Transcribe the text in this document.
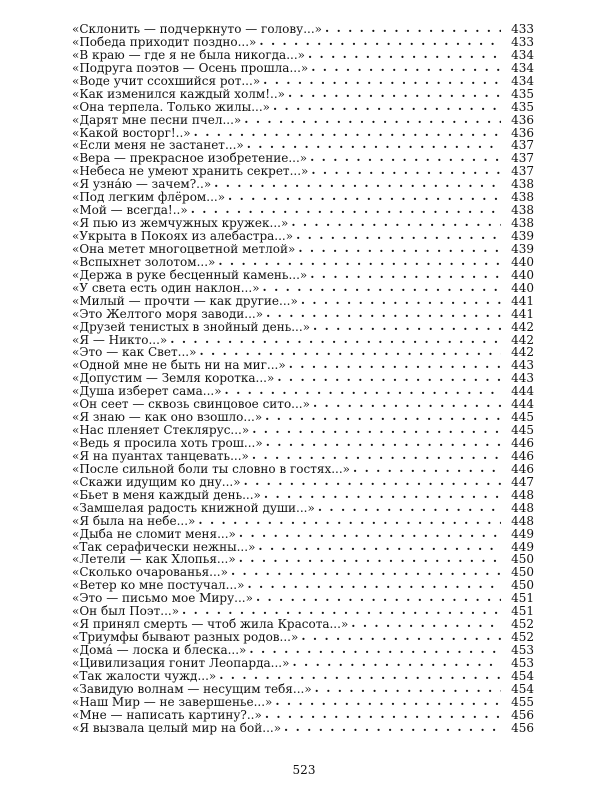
«Склонить — подчеркнуто — голову...» . . .	433
«Победа приходит поздно...» . . .	433
«В краю — где я не была никогда...» . . .	434
«Подруга поэтов — Осень прошла...» . . .	434
«Воде учит ссохшийся рот...» . . .	434
«Как изменился каждый холм!..» . . .	435
«Она терпела. Только жилы...» . . .	435
«Дарят мне песни пчел...» . . .	436
«Какой восторг!..» . . .	436
«Если меня не застанет...» . . .	437
«Вера — прекрасное изобретение...» . . .	437
«Небеса не умеют хранить секрет...» . . .	437
«Я узнáю — зачем?..» . . .	438
«Под легким флёром...» . . .	438
«Мой — всегда!..» . . .	438
«Я пью из жемчужных кружек...» . . .	438
«Укрыта в Покоях из алебастра...» . . .	439
«Она метет многоцветной метлой» . . .	439
«Вспыхнет золотом...» . . .	440
«Держа в руке бесценный камень...» . . .	440
«У света есть один наклон...» . . .	440
«Милый — прочти — как другие...» . . .	441
«Это Желтого моря заводи...» . . .	441
«Друзей тенистых в знойный день...» . . .	442
«Я — Никто...» . . .	442
«Это — как Свет...» . . .	442
«Одной мне не быть ни на миг...» . . .	443
«Допустим — Земля коротка...» . . .	443
«Душа изберет сама...» . . .	444
«Он сеет — сквозь свинцовое сито...» . . .	444
«Я знаю — как оно взошло...» . . .	445
«Нас пленяет Стеклярус...» . . .	445
«Ведь я просила хоть грош...» . . .	446
«Я на пуантах танцевать...» . . .	446
«После сильной боли ты словно в гостях...» . . .	446
«Скажи идущим ко дну...» . . .	447
«Бьет в меня каждый день...» . . .	448
«Замшелая радость книжной души...» . . .	448
«Я была на небе...» . . .	448
«Дыба не сломит меня...» . . .	449
«Так серафически нежны...» . . .	449
«Летели — как Хлопья...» . . .	450
«Сколько очарованья...» . . .	450
«Ветер ко мне постучал...» . . .	450
«Это — письмо мое Миру...» . . .	451
«Он был Поэт...» . . .	451
«Я принял смерть — чтоб жила Красота...» . . .	452
«Триумфы бывают разных родов...» . . .	452
«Домá — лоска и блеска...» . . .	453
«Цивилизация гонит Леопарда...» . . .	453
«Так жалости чужд...» . . .	454
«Завидую волнам — несущим тебя...» . . .	454
«Наш Мир — не завершенье...» . . .	455
«Мне — написать картину?..» . . .	456
«Я вызвала целый мир на бой...» . . .	456
523
